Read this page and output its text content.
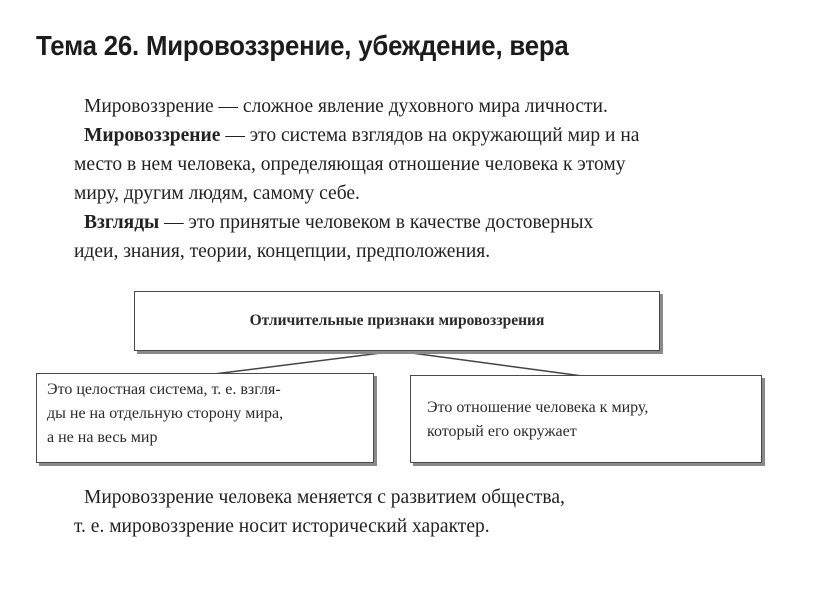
Тема 26. Мировоззрение, убеждение, вера
Мировоззрение — сложное явление духовного мира личности.
Мировоззрение — это система взглядов на окружающий мир и на
место в нем человека, определяющая отношение человека к этому
миру, другим людям, самому себе.
Взгляды — это принятые человеком в качестве достоверных
идеи, знания, теории, концепции, предположения.
Отличительные признаки мировоззрения
Это целостная система, т. е. взгля-
ды не на отдельную сторону мира,
а не на весь мир
Это отношение человека к миру,
который его окружает
Мировоззрение человека меняется с развитием общества,
т. е. мировоззрение носит исторический характер.
